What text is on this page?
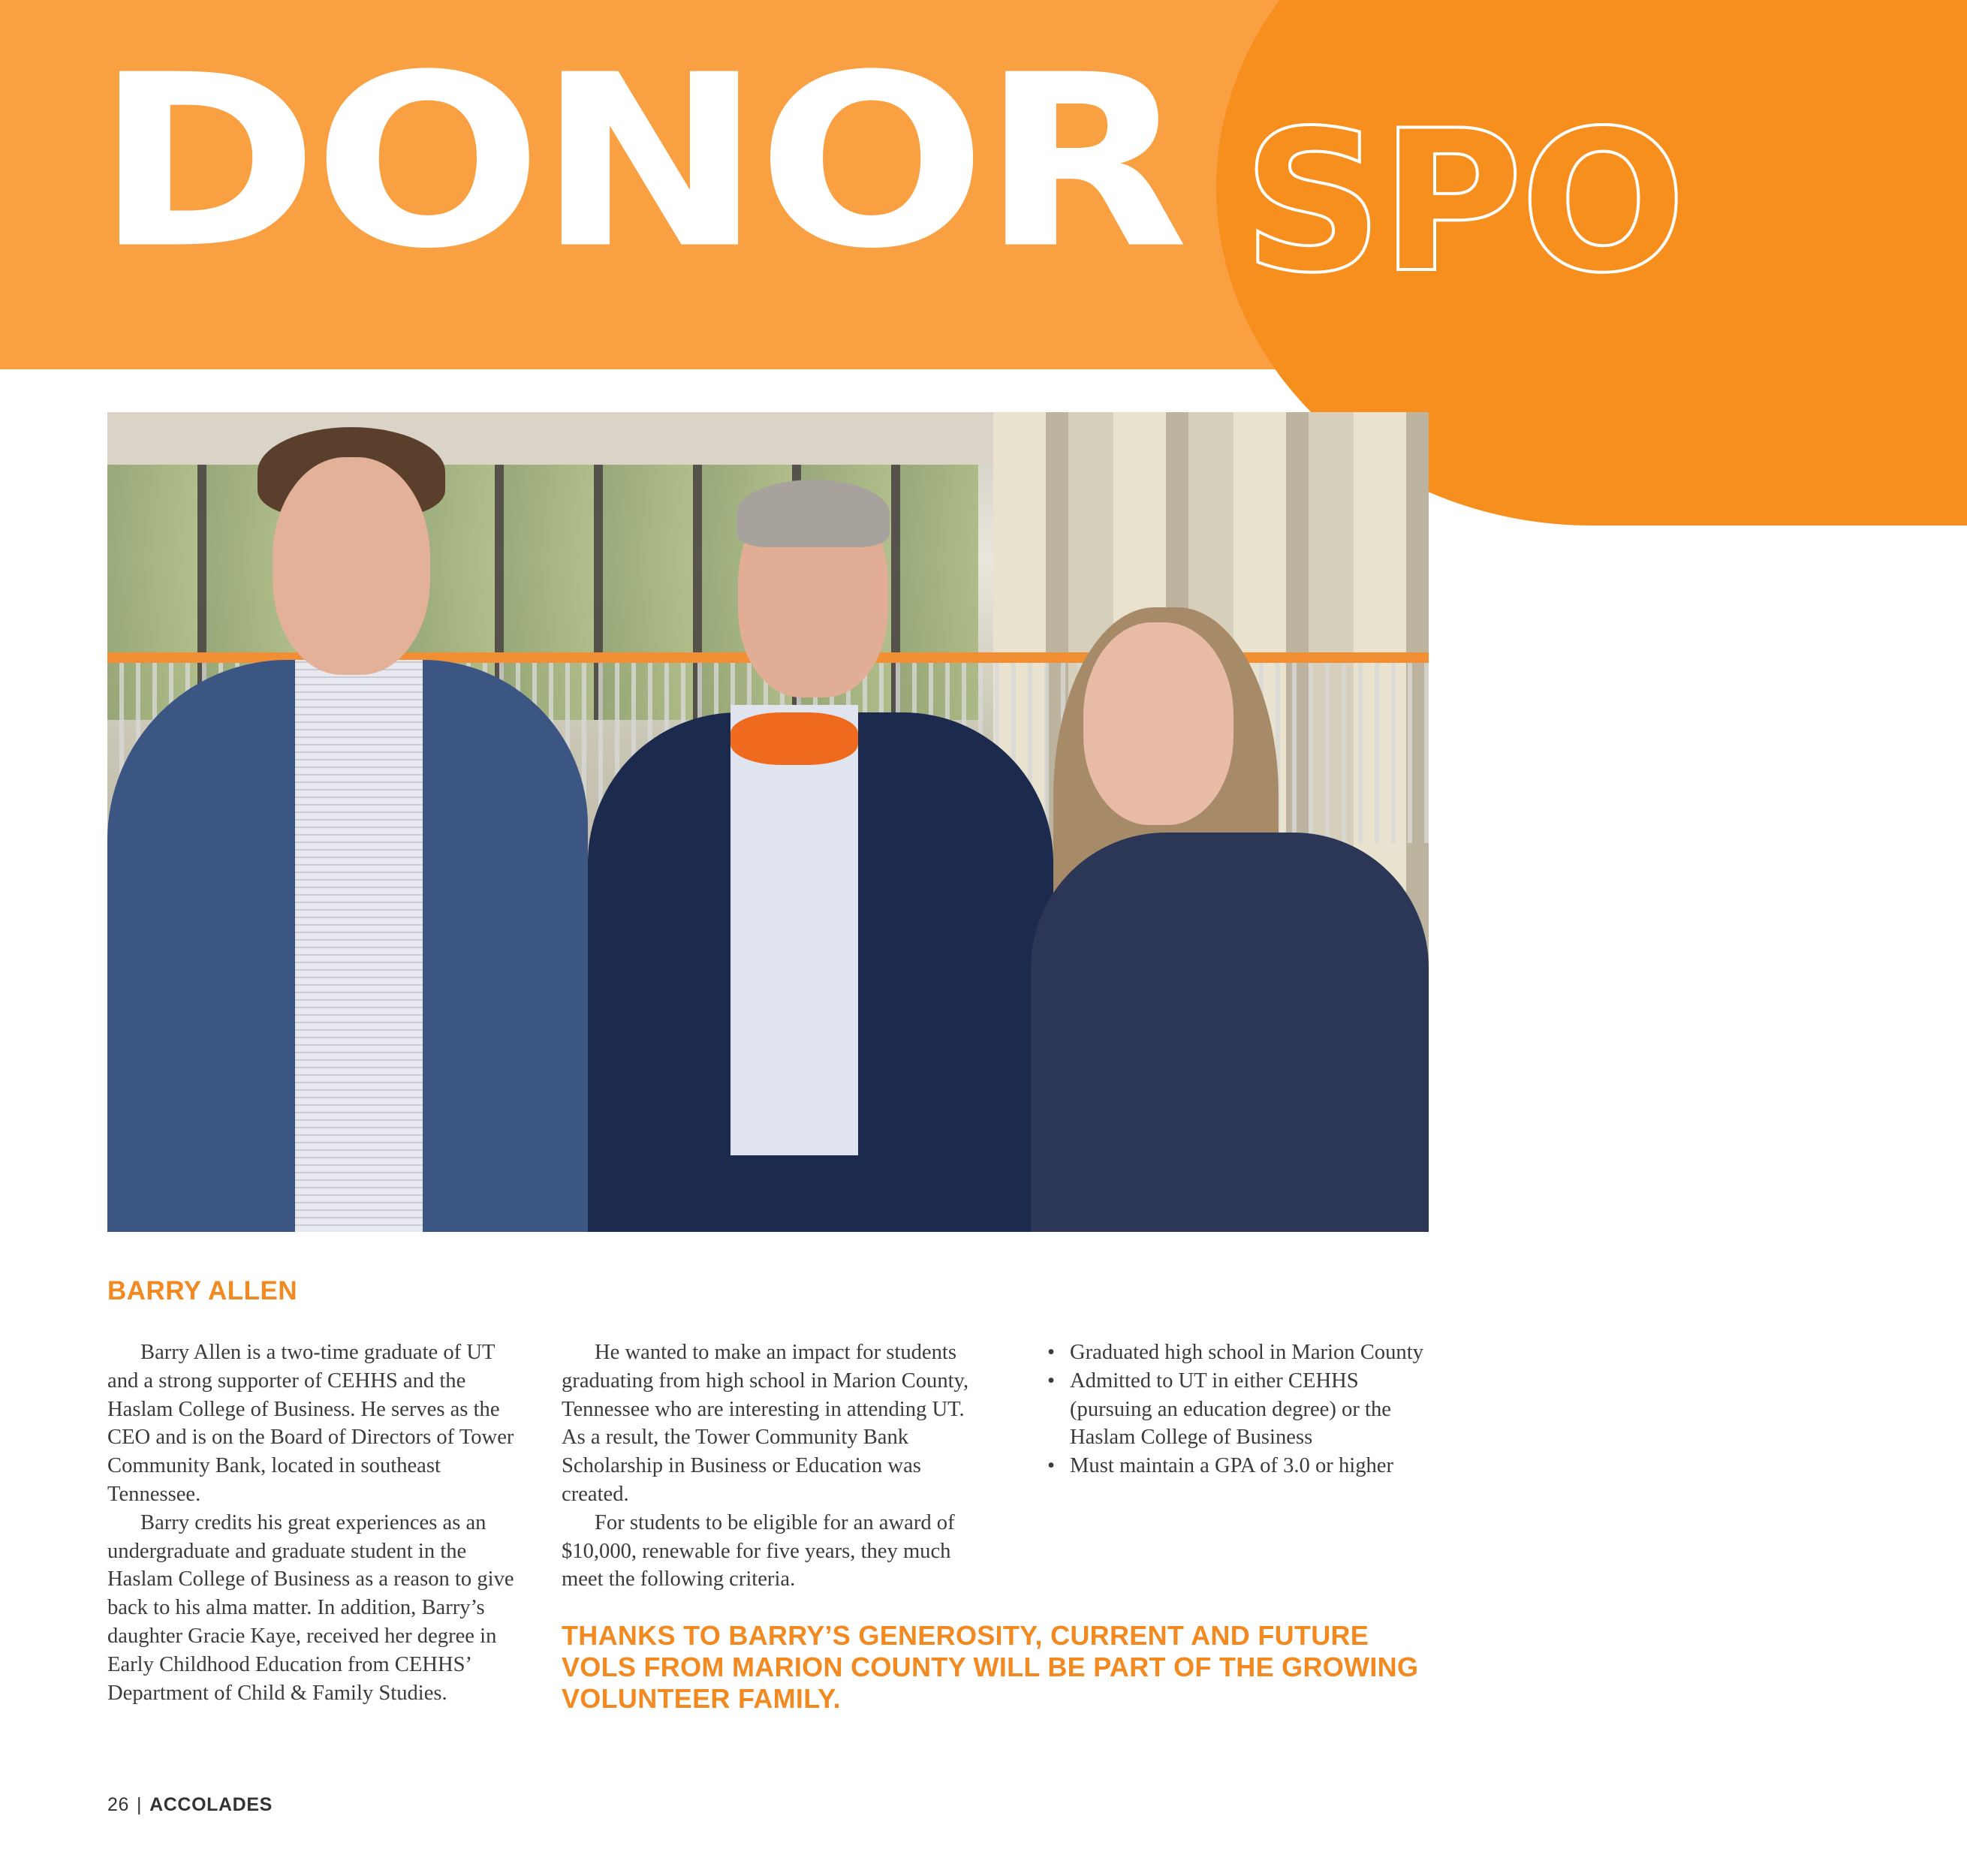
DONOR SPO
BARRY ALLEN

Barry Allen is a two-time graduate of UT and a strong supporter of CEHHS and the Haslam College of Business. He serves as the CEO and is on the Board of Directors of Tower Community Bank, located in southeast Tennessee.

Barry credits his great experiences as an undergraduate and graduate student in the Haslam College of Business as a reason to give back to his alma matter. In addition, Barry’s daughter Gracie Kaye, received her degree in Early Childhood Education from CEHHS’ Department of Child & Family Studies.

He wanted to make an impact for students graduating from high school in Marion County, Tennessee who are interesting in attending UT. As a result, the Tower Community Bank Scholarship in Business or Education was created.

For students to be eligible for an award of $10,000, renewable for five years, they much meet the following criteria.

• Graduated high school in Marion County
• Admitted to UT in either CEHHS (pursuing an education degree) or the Haslam College of Business
• Must maintain a GPA of 3.0 or higher
THANKS TO BARRY’S GENEROSITY, CURRENT AND FUTURE VOLS FROM MARION COUNTY WILL BE PART OF THE GROWING VOLUNTEER FAMILY.
26 | ACCOLADES
